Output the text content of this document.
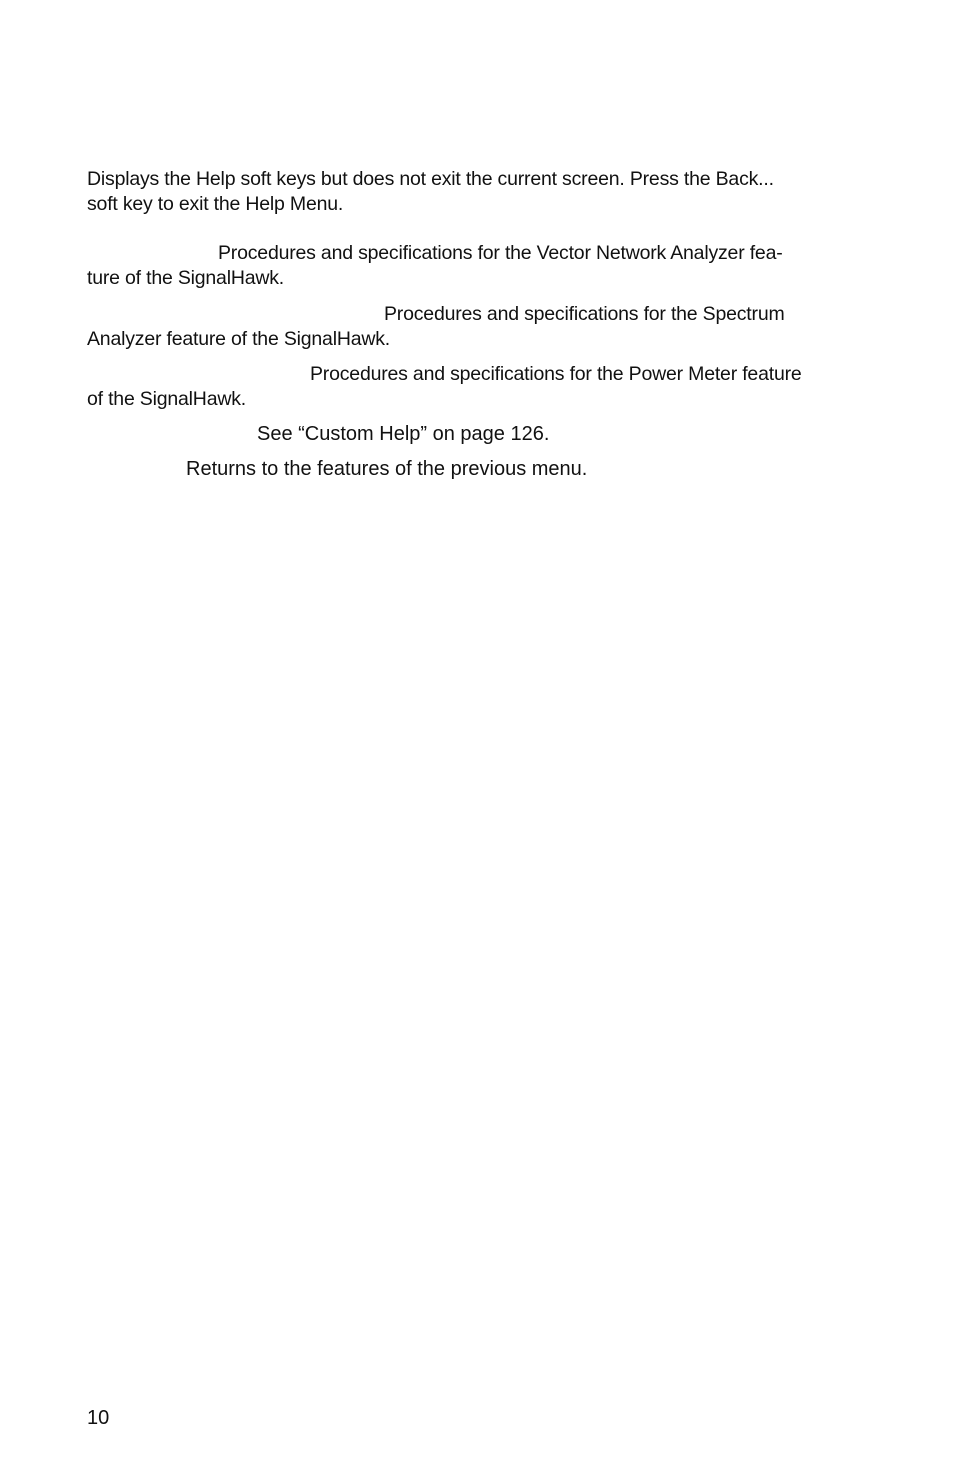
Displays the Help soft keys but does not exit the current screen. Press the Back...
soft key to exit the Help Menu.
Procedures and specifications for the Vector Network Analyzer fea-
ture of the SignalHawk.
Procedures and specifications for the Spectrum
Analyzer feature of the SignalHawk.
Procedures and specifications for the Power Meter feature
of the SignalHawk.
See “Custom Help” on page 126.
Returns to the features of the previous menu.
10
